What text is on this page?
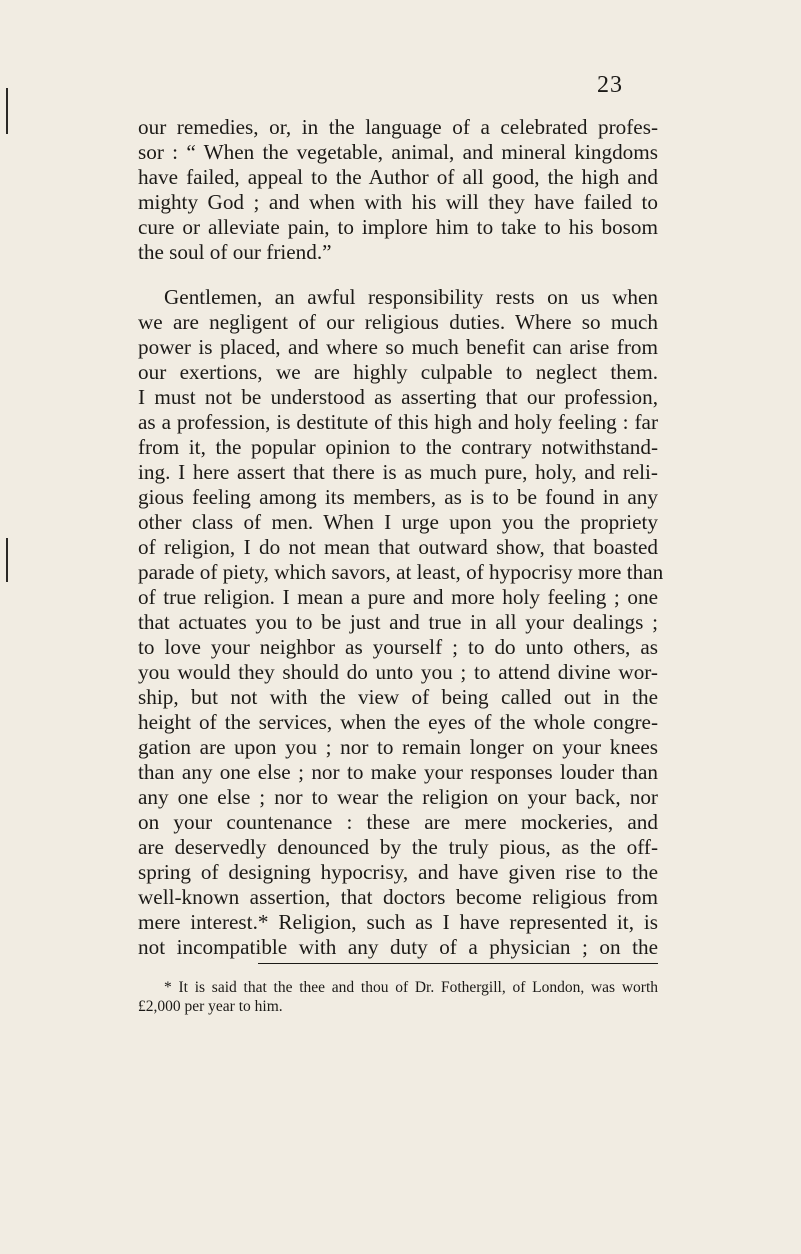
23
our remedies, or, in the language of a celebrated profes-
sor : “ When the vegetable, animal, and mineral kingdoms
have failed, appeal to the Author of all good, the high and
mighty God ; and when with his will they have failed to
cure or alleviate pain, to implore him to take to his bosom
the soul of our friend.”
Gentlemen, an awful responsibility rests on us when
we are negligent of our religious duties. Where so much
power is placed, and where so much benefit can arise from
our exertions, we are highly culpable to neglect them.
I must not be understood as asserting that our profession,
as a profession, is destitute of this high and holy feeling : far
from it, the popular opinion to the contrary notwithstand-
ing. I here assert that there is as much pure, holy, and reli-
gious feeling among its members, as is to be found in any
other class of men. When I urge upon you the propriety
of religion, I do not mean that outward show, that boasted
parade of piety, which savors, at least, of hypocrisy more than
of true religion. I mean a pure and more holy feeling ; one
that actuates you to be just and true in all your dealings ;
to love your neighbor as yourself ; to do unto others, as
you would they should do unto you ; to attend divine wor-
ship, but not with the view of being called out in the
height of the services, when the eyes of the whole congre-
gation are upon you ; nor to remain longer on your knees
than any one else ; nor to make your responses louder than
any one else ; nor to wear the religion on your back, nor
on your countenance : these are mere mockeries, and
are deservedly denounced by the truly pious, as the off-
spring of designing hypocrisy, and have given rise to the
well-known assertion, that doctors become religious from
mere interest.* Religion, such as I have represented it, is
not incompatible with any duty of a physician ; on the
* It is said that the thee and thou of Dr. Fothergill, of London, was worth
£2,000 per year to him.
